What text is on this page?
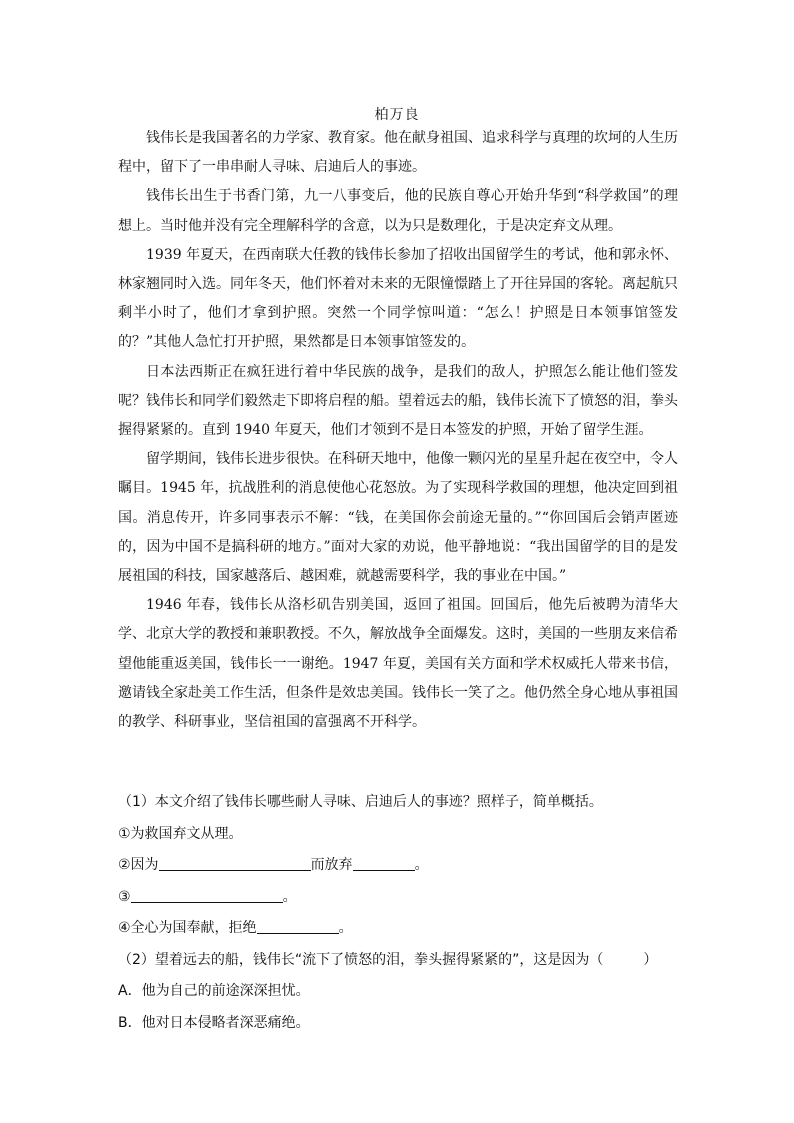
柏万良

钱伟长是我国著名的力学家、教育家。他在献身祖国、追求科学与真理的坎坷的人生历程中，留下了一串串耐人寻味、启迪后人的事迹。

钱伟长出生于书香门第，九一八事变后，他的民族自尊心开始升华到“科学救国”的理想上。当时他并没有完全理解科学的含意，以为只是数理化，于是决定弃文从理。

1939 年夏天，在西南联大任教的钱伟长参加了招收出国留学生的考试，他和郭永怀、林家翘同时入选。同年冬天，他们怀着对未来的无限憧憬踏上了开往异国的客轮。离起航只剩半小时了，他们才拿到护照。突然一个同学惊叫道：“怎么！护照是日本领事馆签发的？”其他人急忙打开护照，果然都是日本领事馆签发的。

日本法西斯正在疯狂进行着中华民族的战争，是我们的敌人，护照怎么能让他们签发呢？钱伟长和同学们毅然走下即将启程的船。望着远去的船，钱伟长流下了愤怒的泪，拳头握得紧紧的。直到 1940 年夏天，他们才领到不是日本签发的护照，开始了留学生涯。

留学期间，钱伟长进步很快。在科研天地中，他像一颗闪光的星星升起在夜空中，令人瞩目。1945 年，抗战胜利的消息使他心花怒放。为了实现科学救国的理想，他决定回到祖国。消息传开，许多同事表示不解：“钱，在美国你会前途无量的。”“你回国后会销声匿迹的，因为中国不是搞科研的地方。”面对大家的劝说，他平静地说：“我出国留学的目的是发展祖国的科技，国家越落后、越困难，就越需要科学，我的事业在中国。”

1946 年春，钱伟长从洛杉矶告别美国，返回了祖国。回国后，他先后被聘为清华大学、北京大学的教授和兼职教授。不久，解放战争全面爆发。这时，美国的一些朋友来信希望他能重返美国，钱伟长一一谢绝。1947 年夏，美国有关方面和学术权威托人带来书信，邀请钱全家赴美工作生活，但条件是效忠美国。钱伟长一笑了之。他仍然全身心地从事祖国的教学、科研事业，坚信祖国的富强离不开科学。

（1）本文介绍了钱伟长哪些耐人寻味、启迪后人的事迹？照样子，简单概括。
①为救国弃文从理。
②因为	而放弃	。
③	。
④全心为国奉献，拒绝	。
（2）望着远去的船，钱伟长“流下了愤怒的泪，拳头握得紧紧的”，这是因为（	）
A．他为自己的前途深深担忧。
B．他对日本侵略者深恶痛绝。
